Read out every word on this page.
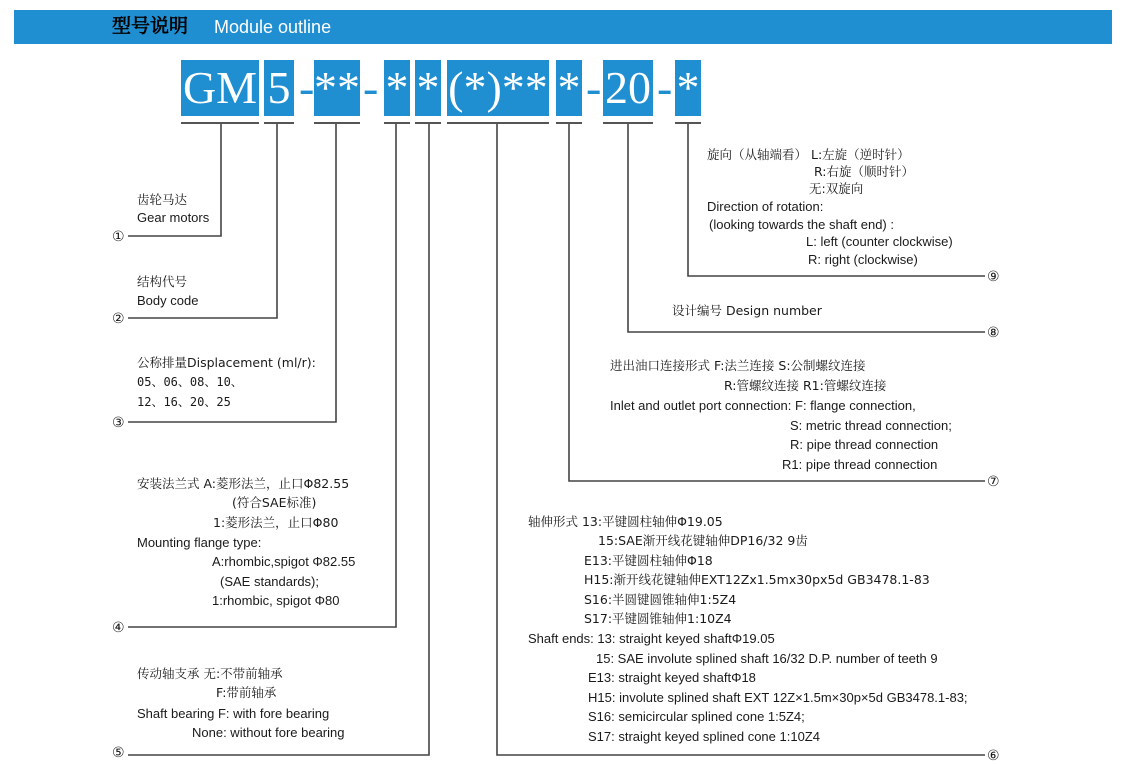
型号说明 Module outline
GM 5 - ** - * * (*)** * - 20 - *
齿轮马达
Gear motors
①
结构代号
Body code
②
公称排量Displacement (ml/r):
05、06、08、10、
12、16、20、25
③
安装法兰式 A:菱形法兰，止口Φ82.55
(符合SAE标准)
1:菱形法兰，止口Φ80
Mounting flange type:
A:rhombic,spigot Φ82.55
(SAE standards);
1:rhombic, spigot Φ80
④
传动轴支承 无:不带前轴承
F:带前轴承
Shaft bearing F: with fore bearing
None: without fore bearing
⑤
轴伸形式 13:平键圆柱轴伸Φ19.05
15:SAE渐开线花键轴伸DP16/32 9齿
E13:平键圆柱轴伸Φ18
H15:渐开线花键轴伸EXT12Zx1.5mx30px5d GB3478.1-83
S16:半圆键圆锥轴伸1:5Z4
S17:平键圆锥轴伸1:10Z4
Shaft ends: 13: straight keyed shaftΦ19.05
15: SAE involute splined shaft 16/32 D.P. number of teeth 9
E13: straight keyed shaftΦ18
H15: involute splined shaft EXT 12Z×1.5m×30p×5d GB3478.1-83;
S16: semicircular splined cone 1:5Z4;
S17: straight keyed splined cone 1:10Z4
⑥
进出油口连接形式 F:法兰连接 S:公制螺纹连接
R:管螺纹连接 R1:管螺纹连接
Inlet and outlet port connection: F: flange connection,
S: metric thread connection;
R: pipe thread connection
R1: pipe thread connection
⑦
设计编号 Design number
⑧
旋向（从轴端看） L:左旋（逆时针）
R:右旋（顺时针）
无:双旋向
Direction of rotation:
(looking towards the shaft end) :
L: left (counter clockwise)
R: right (clockwise)
⑨
